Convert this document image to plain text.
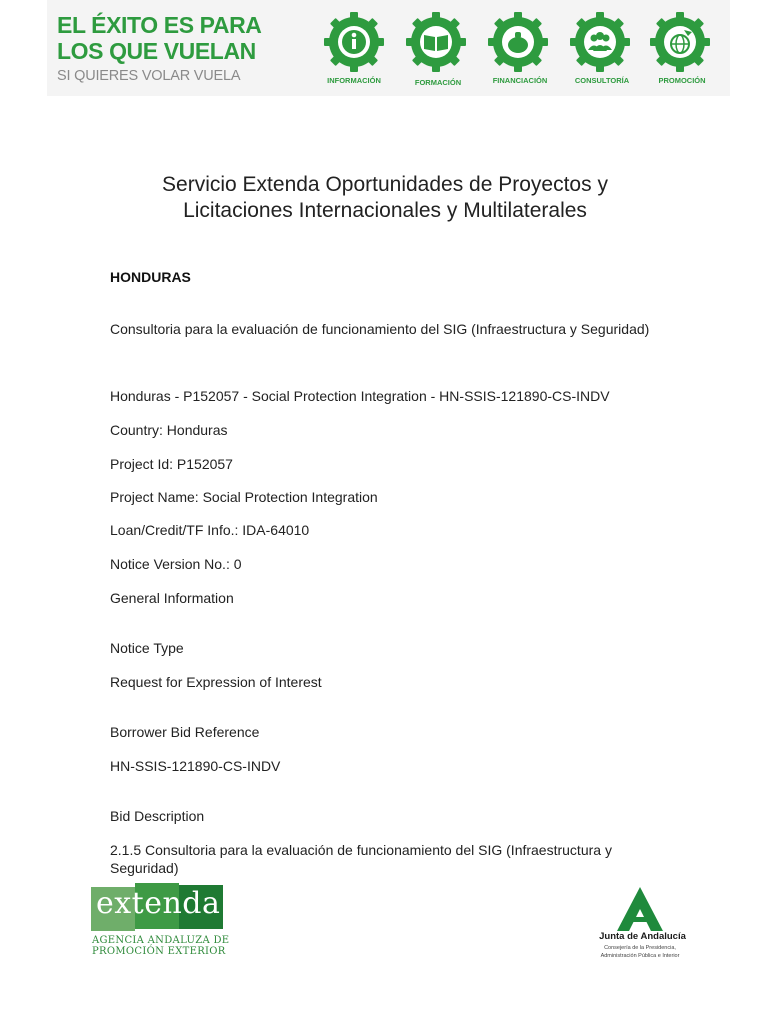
EL ÉXITO ES PARA
LOS QUE VUELAN
SI QUIERES VOLAR VUELA	INFORMACIÓN	FORMACIÓN	FINANCIACIÓN	CONSULTORÍA	PROMOCIÓN
Servicio Extenda Oportunidades de Proyectos y
Licitaciones Internacionales y Multilaterales
HONDURAS
Consultoria para la evaluación de funcionamiento del SIG (Infraestructura y Seguridad)
Honduras - P152057 - Social Protection Integration - HN-SSIS-121890-CS-INDV
Country: Honduras
Project Id: P152057
Project Name: Social Protection Integration
Loan/Credit/TF Info.: IDA-64010
Notice Version No.: 0
General Information
Notice Type
Request for Expression of Interest
Borrower Bid Reference
HN-SSIS-121890-CS-INDV
Bid Description
2.1.5 Consultoria para la evaluación de funcionamiento del SIG (Infraestructura y Seguridad)
extenda
AGENCIA ANDALUZA DE
PROMOCIÓN EXTERIOR
Junta de Andalucía
Consejería de la Presidencia,
Administración Pública e Interior
